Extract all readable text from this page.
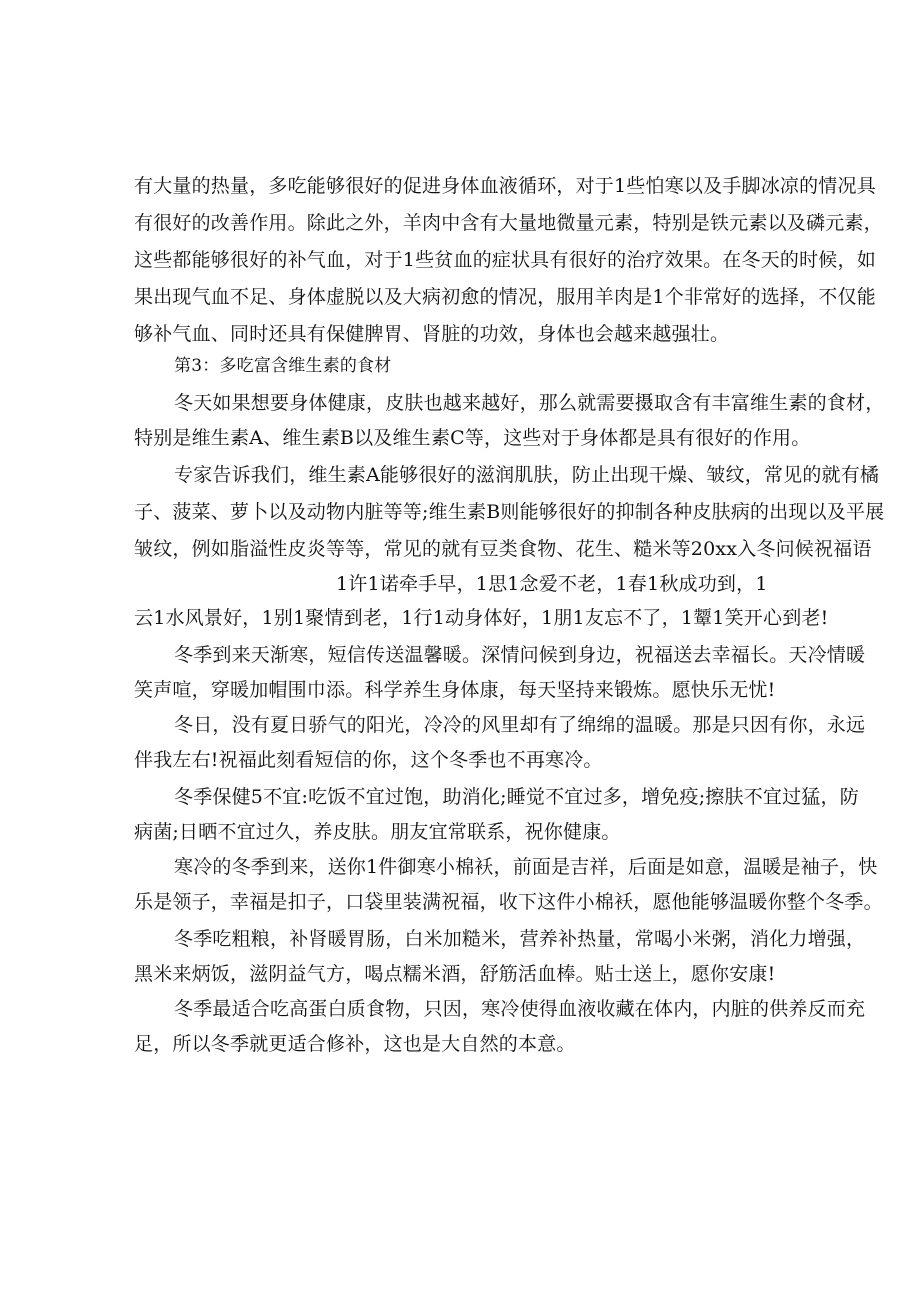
有大量的热量，多吃能够很好的促进身体血液循环，对于1些怕寒以及手脚冰凉的情况具
有很好的改善作用。除此之外，羊肉中含有大量地微量元素，特别是铁元素以及磷元素，
这些都能够很好的补气血，对于1些贫血的症状具有很好的治疗效果。在冬天的时候，如
果出现气血不足、身体虚脱以及大病初愈的情况，服用羊肉是1个非常好的选择，不仅能
够补气血、同时还具有保健脾胃、肾脏的功效，身体也会越来越强壮。
第3：多吃富含维生素的食材
冬天如果想要身体健康，皮肤也越来越好，那么就需要摄取含有丰富维生素的食材，
特别是维生素A、维生素B以及维生素C等，这些对于身体都是具有很好的作用。
专家告诉我们，维生素A能够很好的滋润肌肤，防止出现干燥、皱纹，常见的就有橘
子、菠菜、萝卜以及动物内脏等等;维生素B则能够很好的抑制各种皮肤病的出现以及平展
皱纹，例如脂溢性皮炎等等，常见的就有豆类食物、花生、糙米等20xx入冬问候祝福语
1许1诺牵手早，1思1念爱不老，1春1秋成功到，1
云1水风景好，1别1聚情到老，1行1动身体好，1朋1友忘不了，1颦1笑开心到老!
冬季到来天渐寒，短信传送温馨暖。深情问候到身边，祝福送去幸福长。天冷情暖
笑声喧，穿暖加帽围巾添。科学养生身体康，每天坚持来锻炼。愿快乐无忧!
冬日，没有夏日骄气的阳光，冷冷的风里却有了绵绵的温暖。那是只因有你，永远
伴我左右!祝福此刻看短信的你，这个冬季也不再寒冷。
冬季保健5不宜:吃饭不宜过饱，助消化;睡觉不宜过多，增免疫;擦肤不宜过猛，防
病菌;日晒不宜过久，养皮肤。朋友宜常联系，祝你健康。
寒冷的冬季到来，送你1件御寒小棉袄，前面是吉祥，后面是如意，温暖是袖子，快
乐是领子，幸福是扣子，口袋里装满祝福，收下这件小棉袄，愿他能够温暖你整个冬季。
冬季吃粗粮，补肾暖胃肠，白米加糙米，营养补热量，常喝小米粥，消化力增强，
黑米来炳饭，滋阴益气方，喝点糯米酒，舒筋活血棒。贴士送上，愿你安康!
冬季最适合吃高蛋白质食物，只因，寒冷使得血液收藏在体内，内脏的供养反而充
足，所以冬季就更适合修补，这也是大自然的本意。
